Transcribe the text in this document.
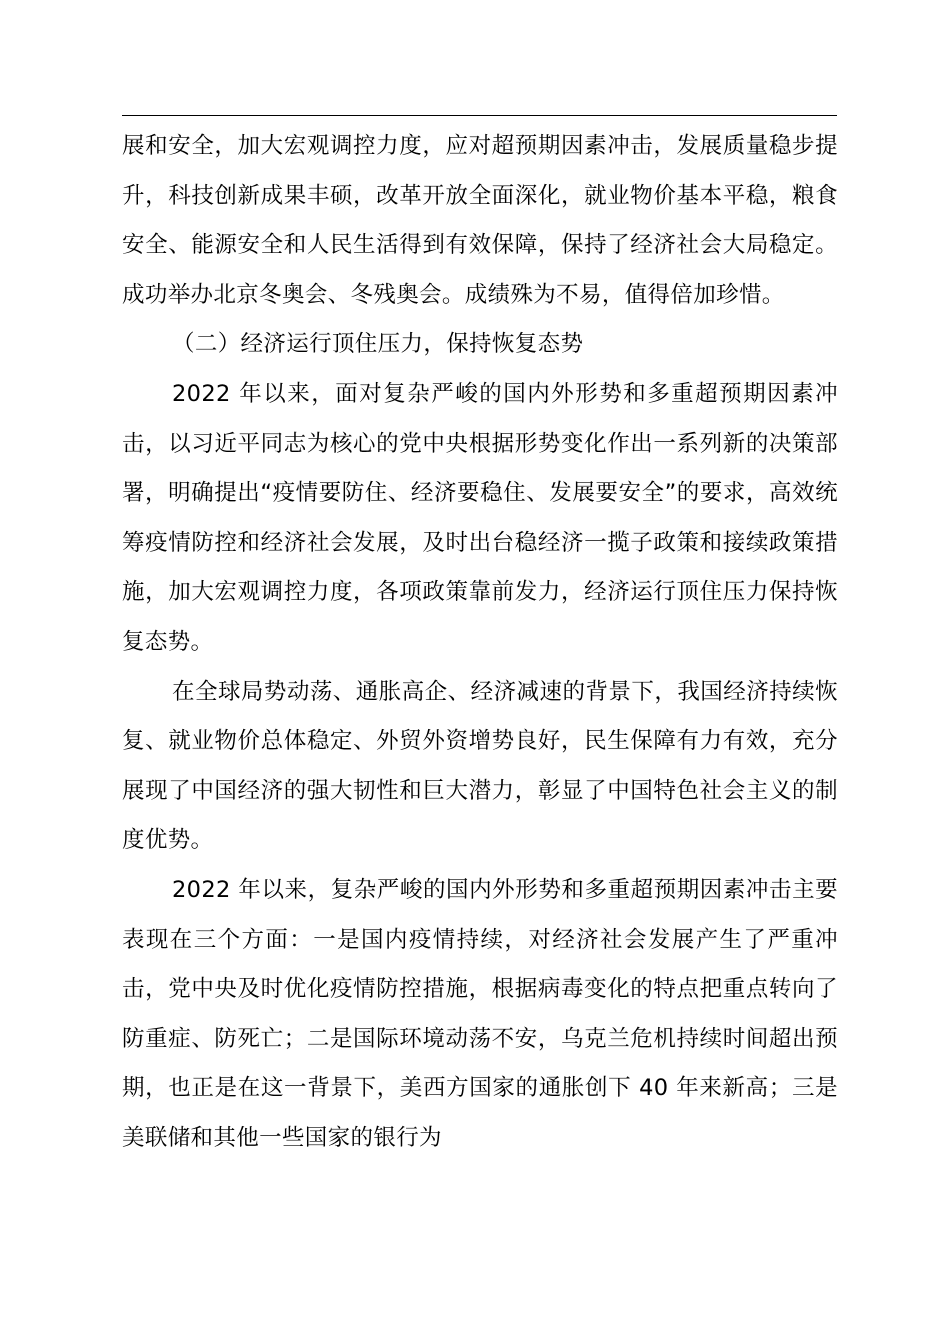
展和安全，加大宏观调控力度，应对超预期因素冲击，发展质量稳步提升，科技创新成果丰硕，改革开放全面深化，就业物价基本平稳，粮食安全、能源安全和人民生活得到有效保障，保持了经济社会大局稳定。成功举办北京冬奥会、冬残奥会。成绩殊为不易，值得倍加珍惜。

（二）经济运行顶住压力，保持恢复态势

2022 年以来，面对复杂严峻的国内外形势和多重超预期因素冲击，以习近平同志为核心的党中央根据形势变化作出一系列新的决策部署，明确提出“疫情要防住、经济要稳住、发展要安全”的要求，高效统筹疫情防控和经济社会发展，及时出台稳经济一揽子政策和接续政策措施，加大宏观调控力度，各项政策靠前发力，经济运行顶住压力保持恢复态势。

在全球局势动荡、通胀高企、经济减速的背景下，我国经济持续恢复、就业物价总体稳定、外贸外资增势良好，民生保障有力有效，充分展现了中国经济的强大韧性和巨大潜力，彰显了中国特色社会主义的制度优势。

2022 年以来，复杂严峻的国内外形势和多重超预期因素冲击主要表现在三个方面：一是国内疫情持续，对经济社会发展产生了严重冲击，党中央及时优化疫情防控措施，根据病毒变化的特点把重点转向了防重症、防死亡；二是国际环境动荡不安，乌克兰危机持续时间超出预期，也正是在这一背景下，美西方国家的通胀创下 40 年来新高；三是美联储和其他一些国家的银行为
